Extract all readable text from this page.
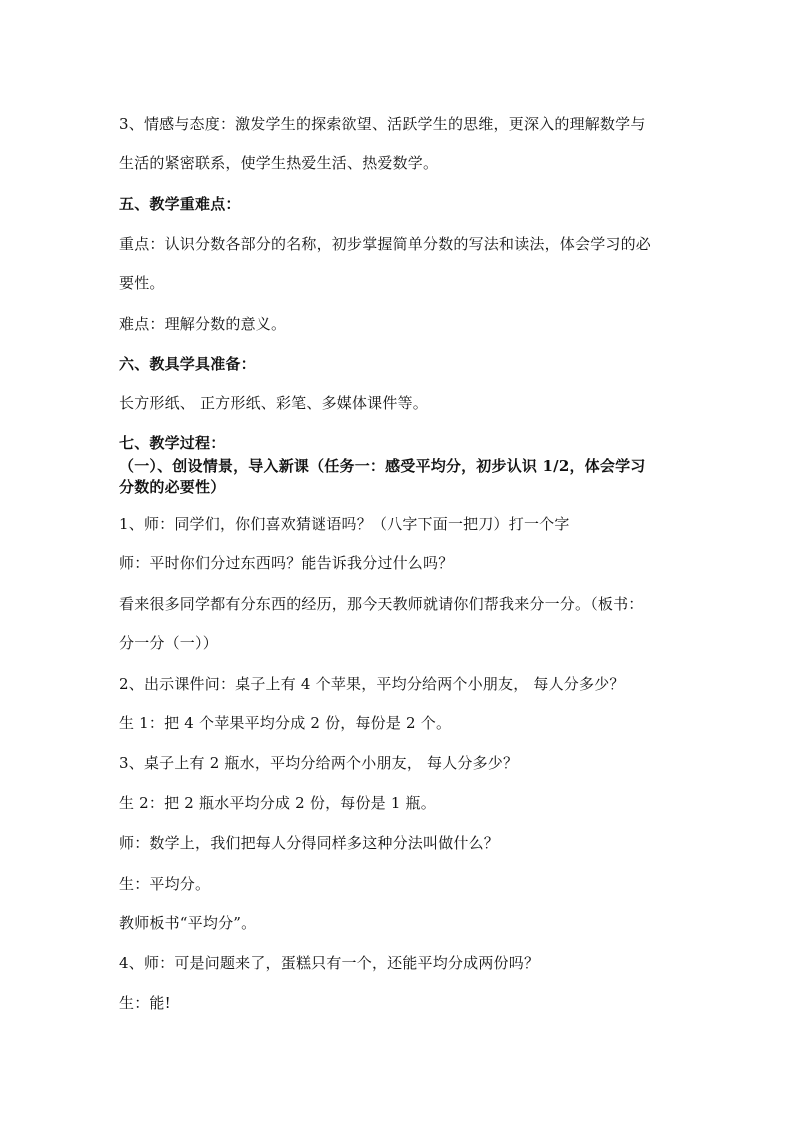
3、情感与态度：激发学生的探索欲望、活跃学生的思维，更深入的理解数学与
生活的紧密联系，使学生热爱生活、热爱数学。
五、教学重难点：
重点：认识分数各部分的名称，初步掌握简单分数的写法和读法，体会学习的必
要性。
难点：理解分数的意义。
六、教具学具准备：
长方形纸、 正方形纸、彩笔、多媒体课件等。
七、教学过程：
（一）、创设情景，导入新课（任务一：感受平均分，初步认识 1/2，体会学习
分数的必要性）
1、师：同学们，你们喜欢猜谜语吗？（八字下面一把刀）打一个字
师：平时你们分过东西吗？能告诉我分过什么吗？
看来很多同学都有分东西的经历，那今天教师就请你们帮我来分一分。（板书：
分一分（一））
2、出示课件问：桌子上有 4 个苹果，平均分给两个小朋友， 每人分多少？
生 1：把 4 个苹果平均分成 2 份，每份是 2 个。
3、桌子上有 2 瓶水，平均分给两个小朋友， 每人分多少？
生 2：把 2 瓶水平均分成 2 份，每份是 1 瓶。
师：数学上，我们把每人分得同样多这种分法叫做什么？
生：平均分。
教师板书“平均分”。
4、师：可是问题来了，蛋糕只有一个，还能平均分成两份吗？
生：能!
